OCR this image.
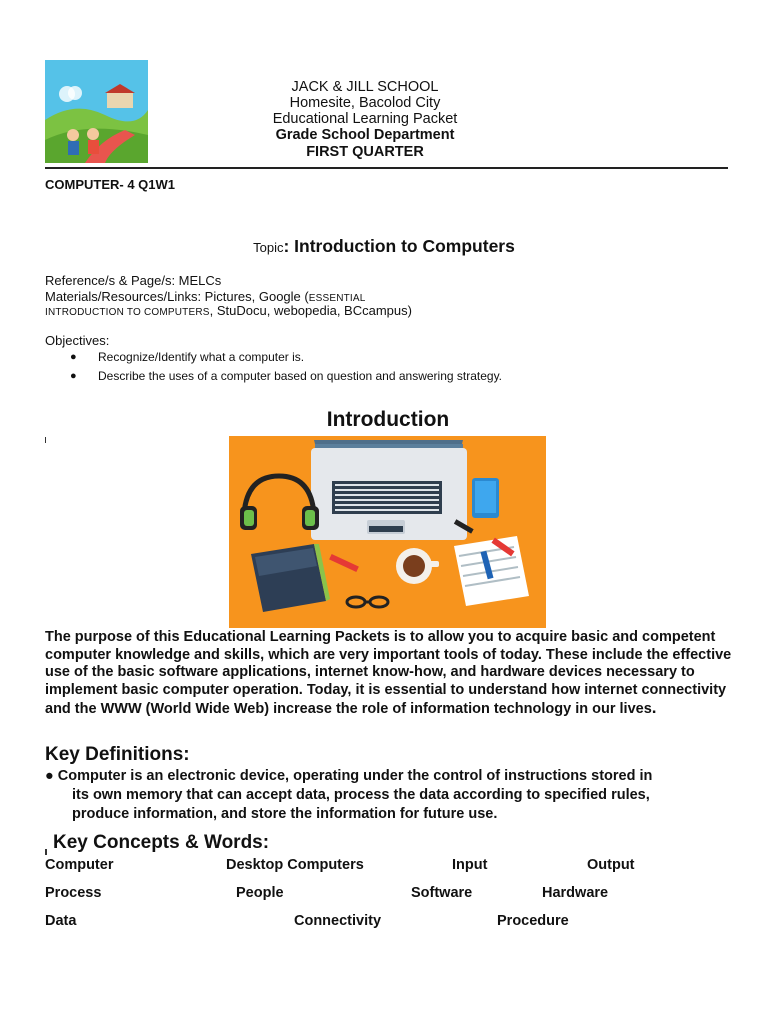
JACK & JILL SCHOOL
Homesite, Bacolod City
Educational Learning Packet
Grade School Department
FIRST QUARTER
COMPUTER- 4 Q1W1
Topic: Introduction to Computers
Reference/s & Page/s: MELCs
Materials/Resources/Links: Pictures, Google (ESSENTIAL
INTRODUCTION TO COMPUTERS, StuDocu, webopedia, BCcampus)
Objectives:
● Recognize/Identify what a computer is.
● Describe the uses of a computer based on question and answering strategy.
Introduction
The purpose of this Educational Learning Packets is to allow you to acquire basic and competent computer knowledge and skills, which are very important tools of today. These include the effective use of the basic software applications, internet know-how, and hardware devices necessary to implement basic computer operation. Today, it is essential to understand how internet connectivity and the WWW (World Wide Web) increase the role of information technology in our lives.
Key Definitions:
● Computer is an electronic device, operating under the control of instructions stored in
its own memory that can accept data, process the data according to specified rules,
produce information, and store the information for future use.
Key Concepts & Words:
Computer	Desktop Computers	Input	Output
Process	People	Software	Hardware
Data	Connectivity	Procedure
